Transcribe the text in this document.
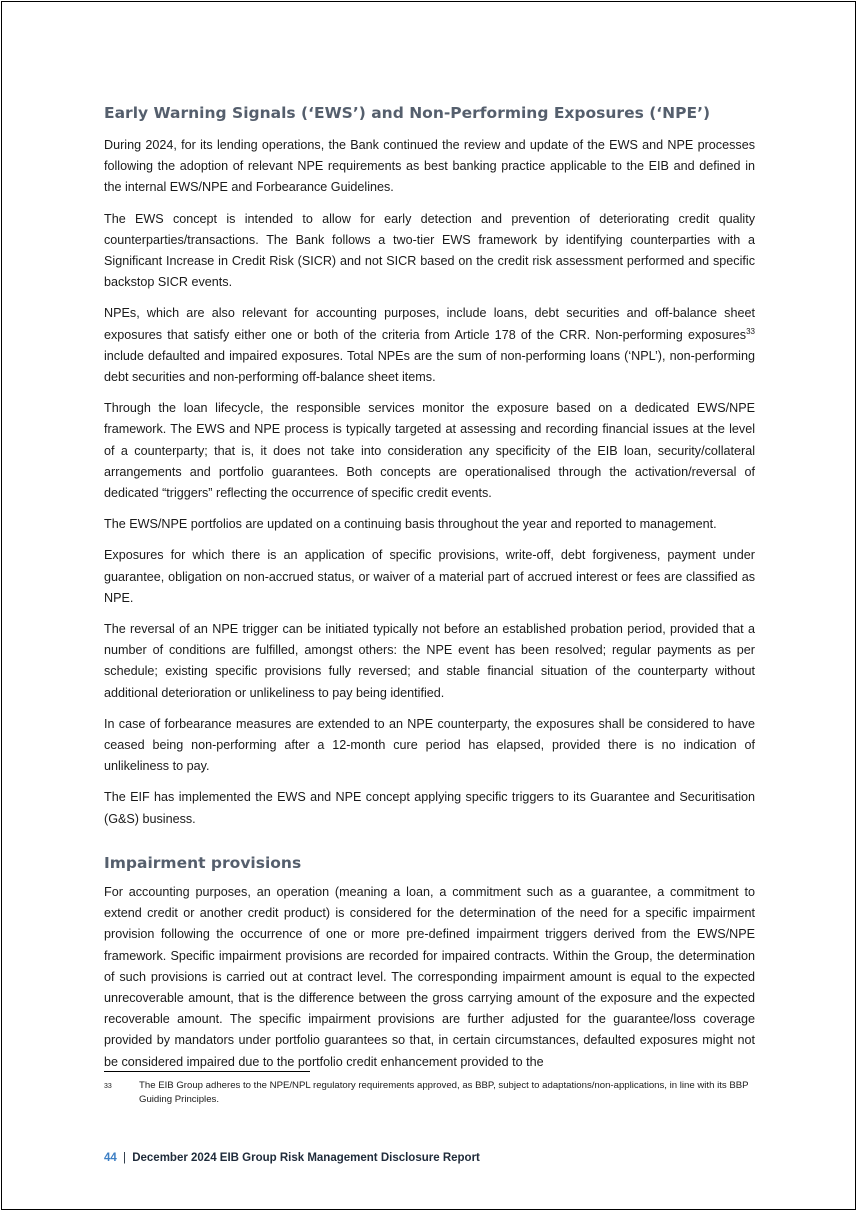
Early Warning Signals (‘EWS’) and Non-Performing Exposures (‘NPE’)

During 2024, for its lending operations, the Bank continued the review and update of the EWS and NPE processes following the adoption of relevant NPE requirements as best banking practice applicable to the EIB and defined in the internal EWS/NPE and Forbearance Guidelines.

The EWS concept is intended to allow for early detection and prevention of deteriorating credit quality counterparties/transactions. The Bank follows a two-tier EWS framework by identifying counterparties with a Significant Increase in Credit Risk (SICR) and not SICR based on the credit risk assessment performed and specific backstop SICR events.

NPEs, which are also relevant for accounting purposes, include loans, debt securities and off-balance sheet exposures that satisfy either one or both of the criteria from Article 178 of the CRR. Non-performing exposures$^{33}$ include defaulted and impaired exposures. Total NPEs are the sum of non-performing loans (‘NPL’), non-performing debt securities and non-performing off-balance sheet items.

Through the loan lifecycle, the responsible services monitor the exposure based on a dedicated EWS/NPE framework. The EWS and NPE process is typically targeted at assessing and recording financial issues at the level of a counterparty; that is, it does not take into consideration any specificity of the EIB loan, security/collateral arrangements and portfolio guarantees. Both concepts are operationalised through the activation/reversal of dedicated “triggers” reflecting the occurrence of specific credit events.

The EWS/NPE portfolios are updated on a continuing basis throughout the year and reported to management.

Exposures for which there is an application of specific provisions, write-off, debt forgiveness, payment under guarantee, obligation on non-accrued status, or waiver of a material part of accrued interest or fees are classified as NPE.

The reversal of an NPE trigger can be initiated typically not before an established probation period, provided that a number of conditions are fulfilled, amongst others: the NPE event has been resolved; regular payments as per schedule; existing specific provisions fully reversed; and stable financial situation of the counterparty without additional deterioration or unlikeliness to pay being identified.

In case of forbearance measures are extended to an NPE counterparty, the exposures shall be considered to have ceased being non-performing after a 12-month cure period has elapsed, provided there is no indication of unlikeliness to pay.

The EIF has implemented the EWS and NPE concept applying specific triggers to its Guarantee and Securitisation (G&S) business.

Impairment provisions

For accounting purposes, an operation (meaning a loan, a commitment such as a guarantee, a commitment to extend credit or another credit product) is considered for the determination of the need for a specific impairment provision following the occurrence of one or more pre-defined impairment triggers derived from the EWS/NPE framework. Specific impairment provisions are recorded for impaired contracts. Within the Group, the determination of such provisions is carried out at contract level. The corresponding impairment amount is equal to the expected unrecoverable amount, that is the difference between the gross carrying amount of the exposure and the expected recoverable amount. The specific impairment provisions are further adjusted for the guarantee/loss coverage provided by mandators under portfolio guarantees so that, in certain circumstances, defaulted exposures might not be considered impaired due to the portfolio credit enhancement provided to the

33	The EIB Group adheres to the NPE/NPL regulatory requirements approved, as BBP, subject to adaptations/non-applications, in line with its BBP Guiding Principles.
44 | December 2024 EIB Group Risk Management Disclosure Report
